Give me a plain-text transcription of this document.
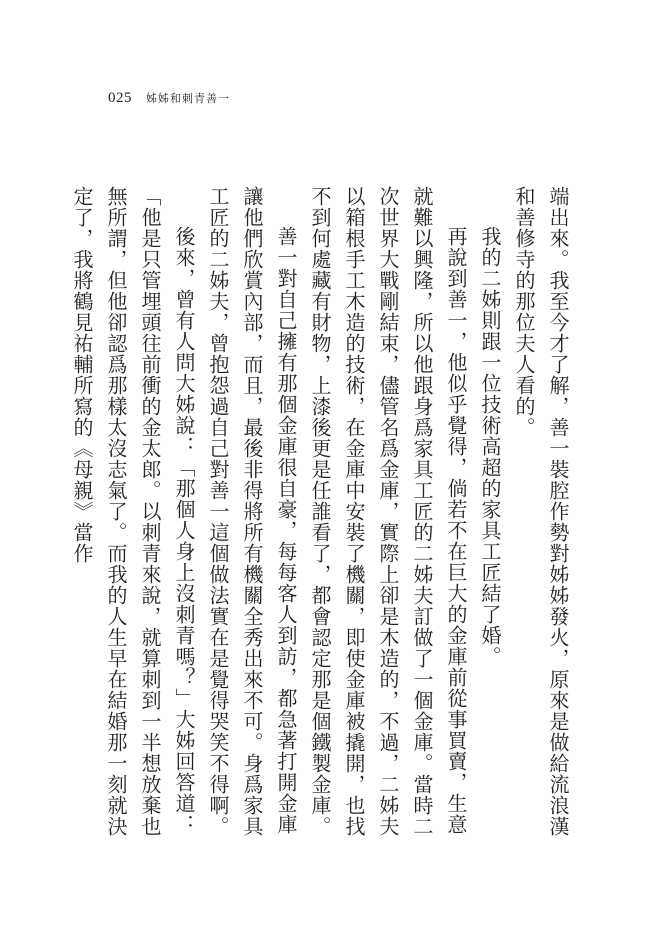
025 姊姊和刺青善一

端出來。我至今才了解，善一裝腔作勢對姊姊發火，原來是做給流浪漢和善修寺的那位夫人看的。

我的二姊則跟一位技術高超的家具工匠結了婚。

再說到善一，他似乎覺得，倘若不在巨大的金庫前從事買賣，生意就難以興隆，所以他跟身爲家具工匠的二姊夫訂做了一個金庫。當時二次世界大戰剛結束，儘管名爲金庫，實際上卻是木造的，不過，二姊夫以箱根手工木造的技術，在金庫中安裝了機關，即使金庫被撬開，也找不到何處藏有財物，上漆後更是任誰看了，都會認定那是個鐵製金庫。

善一對自己擁有那個金庫很自豪，每每客人到訪，都急著打開金庫讓他們欣賞內部，而且，最後非得將所有機關全秀出來不可。身爲家具工匠的二姊夫，曾抱怨過自己對善一這個做法實在是覺得哭笑不得啊。

後來，曾有人問大姊說：「那個人身上沒刺青嗎？」大姊回答道：「他是只管埋頭往前衝的金太郎。以刺青來說，就算刺到一半想放棄也無所謂，但他卻認爲那樣太沒志氣了。而我的人生早在結婚那一刻就決定了，我將鶴見祐輔所寫的《母親》當作
